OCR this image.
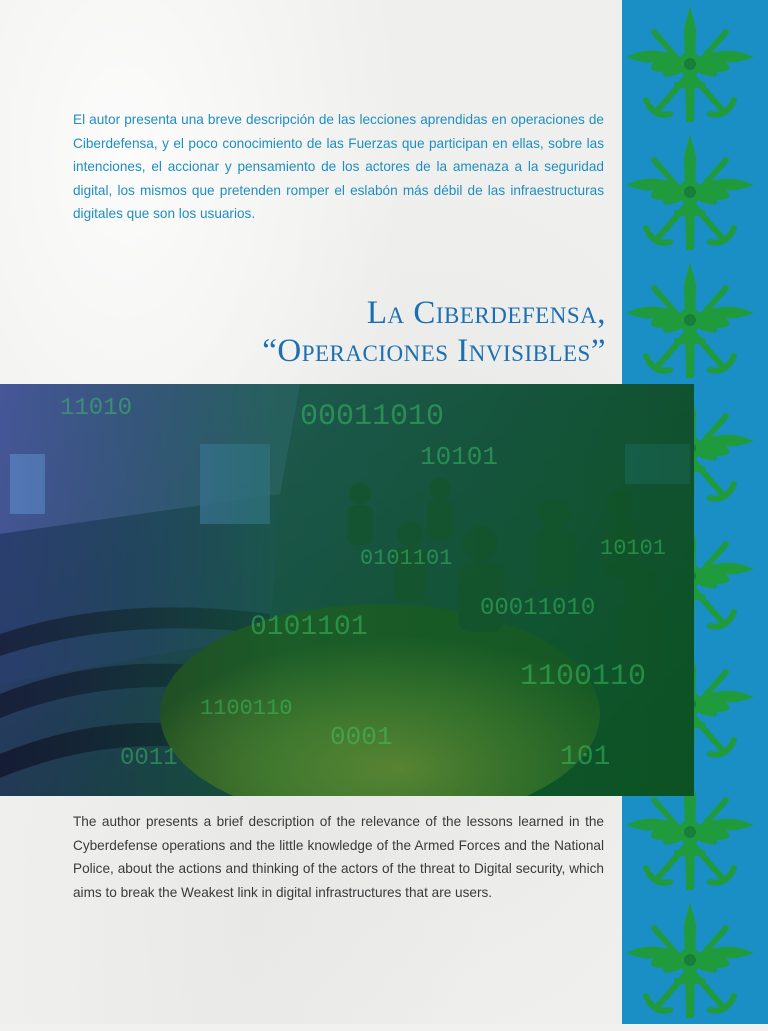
El autor presenta una breve descripción de las lecciones aprendidas en operaciones de Ciberdefensa, y el poco conocimiento de las Fuerzas que participan en ellas, sobre las intenciones, el accionar y pensamiento de los actores de la amenaza a la seguridad digital, los mismos que pretenden romper el eslabón más débil de las infraestructuras digitales que son los usuarios.

La Ciberdefensa,
“Operaciones Invisibles”
00011010
10101
0101101
1100110
0001
101
11010
0011
00011010
10101
0101101
1100110

The author presents a brief description of the relevance of the lessons learned in the Cyberdefense operations and the little knowledge of the Armed Forces and the National Police, about the actions and thinking of the actors of the threat to Digital security, which aims to break the Weakest link in digital infrastructures that are users.
